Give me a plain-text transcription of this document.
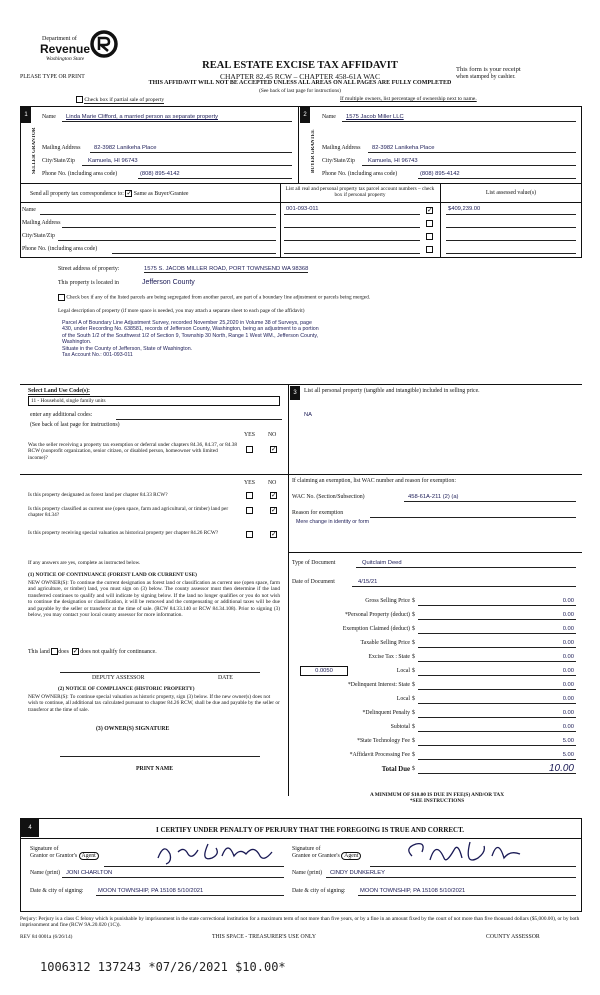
Department of
Revenue
Washington State
PLEASE TYPE OR PRINT
REAL ESTATE EXCISE TAX AFFIDAVIT
CHAPTER 82.45 RCW – CHAPTER 458-61A WAC
THIS AFFIDAVIT WILL NOT BE ACCEPTED UNLESS ALL AREAS ON ALL PAGES ARE FULLY COMPLETED
(See back of last page for instructions)
This form is your receipt
when stamped by cashier.
Check box if partial sale of property	If multiple owners, list percentage of ownership next to name.
1
SELLER GRANTOR
2
BUYER GRANTEE
Name Linda Marie Clifford, a married person as separate property
Mailing Address 82-3982 Lanikeha Place
City/State/Zip Kamuela, HI 96743
Phone No. (including area code)	(808) 895-4142
Name 1575 Jacob Miller LLC
Mailing Address 82-3982 Lanikeha Place
City/State/Zip Kamuela, HI 96743
Phone No. (including area code)	(808) 895-4142
Send all property tax correspondence to: ✓ Same as Buyer/Grantee
List all real and personal property tax parcel account numbers – check box if personal property	List assessed value(s)
Name
Mailing Address
City/State/Zip
Phone No. (including area code)
001-093-011	✓	$409,239.00
Street address of property:	1575 S. JACOB MILLER ROAD, PORT TOWNSEND WA 98368
This property is located in	Jefferson County
Check box if any of the listed parcels are being segregated from another parcel, are part of a boundary line adjustment or parcels being merged.
Legal description of property (if more space is needed, you may attach a separate sheet to each page of the affidavit)
Parcel A of Boundary Line Adjustment Survey, recorded November 25,2020 in Volume 38 of Surveys, page
430, under Recording No. 638581, records of Jefferson County, Washington, being an adjustment to a portion
of the South 1/2 of the Southwest 1/2 of Section 9, Township 30 North, Range 1 West WM., Jefferson County,
Washington.
Situate in the County of Jefferson, State of Washington.
Tax Account No.: 001-093-011
Select Land Use Code(s):
11 - Household, single family units
enter any additional codes:
(See back of last page for instructions)
YES NO
Was the seller receiving a property tax exemption or deferral under chapters 84.36, 84.37, or 84.38 RCW (nonprofit organization, senior citizen, or disabled person, homeowner with limited income)?
✓
YES NO
Is this property designated as forest land per chapter 84.33 RCW?	✓
Is this property classified as current use (open space, farm and agricultural, or timber) land per chapter 84.34?
✓
Is this property receiving special valuation as historical property per chapter 84.26 RCW?	✓
If any answers are yes, complete as instructed below.
(1) NOTICE OF CONTINUANCE (FOREST LAND OR CURRENT USE)
NEW OWNER(S): To continue the current designation as forest land or classification as current use (open space, farm and agriculture, or timber) land, you must sign on (3) below. The county assessor must then determine if the land transferred continues to qualify and will indicate by signing below. If the land no longer qualifies or you do not wish to continue the designation or classification, it will be removed and the compensating or additional taxes will be due and payable by the seller or transferor at the time of sale. (RCW 84.33.140 or RCW 84.34.108). Prior to signing (3) below, you may contact your local county assessor for more information.
This land does ✓ does not qualify for continuance.
DEPUTY ASSESSOR	DATE
(2) NOTICE OF COMPLIANCE (HISTORIC PROPERTY)
NEW OWNER(S): To continue special valuation as historic property, sign (3) below. If the new owner(s) does not wish to continue, all additional tax calculated pursuant to chapter 84.26 RCW, shall be due and payable by the seller or transferor at the time of sale.
(3) OWNER(S) SIGNATURE
PRINT NAME
3	List all personal property (tangible and intangible) included in selling price.
NA
If claiming an exemption, list WAC number and reason for exemption:
WAC No. (Section/Subsection)	458-61A-211 (2) (a)
Reason for exemption
Mere change in identity or form
Type of Document	Quitclaim Deed
Date of Document	4/15/21
Gross Selling Price $	0.00
*Personal Property (deduct) $	0.00
Exemption Claimed (deduct) $	0.00
Taxable Selling Price $	0.00
Excise Tax : State $	0.00
Local $	0.00
*Delinquent Interest: State $	0.00
Local $	0.00
*Delinquent Penalty $	0.00
Subtotal $	0.00
*State Technology Fee $	5.00
*Affidavit Processing Fee $	5.00
Total Due $	10.00
0.0050
A MINIMUM OF $10.00 IS DUE IN FEE(S) AND/OR TAX
*SEE INSTRUCTIONS
4	I CERTIFY UNDER PENALTY OF PERJURY THAT THE FOREGOING IS TRUE AND CORRECT.
Signature of
Grantor or Grantor's Agent
Name (print) JONI CHARLTON
Date & city of signing:	MOON TOWNSHIP, PA 15108 5/10/2021
Signature of
Grantee or Grantee's Agent
Name (print) CINDY DUNKERLEY
Date & city of signing:	MOON TOWNSHIP, PA 15108 5/10/2021
Perjury: Perjury is a class C felony which is punishable by imprisonment in the state correctional institution for a maximum term of not more than five years, or by a fine in an amount fixed by the court of not more than five thousand dollars ($5,000.00), or by both imprisonment and fine (RCW 9A.20.020 (1C)).
REV 84 0001a (6/26/14)	THIS SPACE - TREASURER'S USE ONLY	COUNTY ASSESSOR
1006312 137243 *07/26/2021 $10.00*
